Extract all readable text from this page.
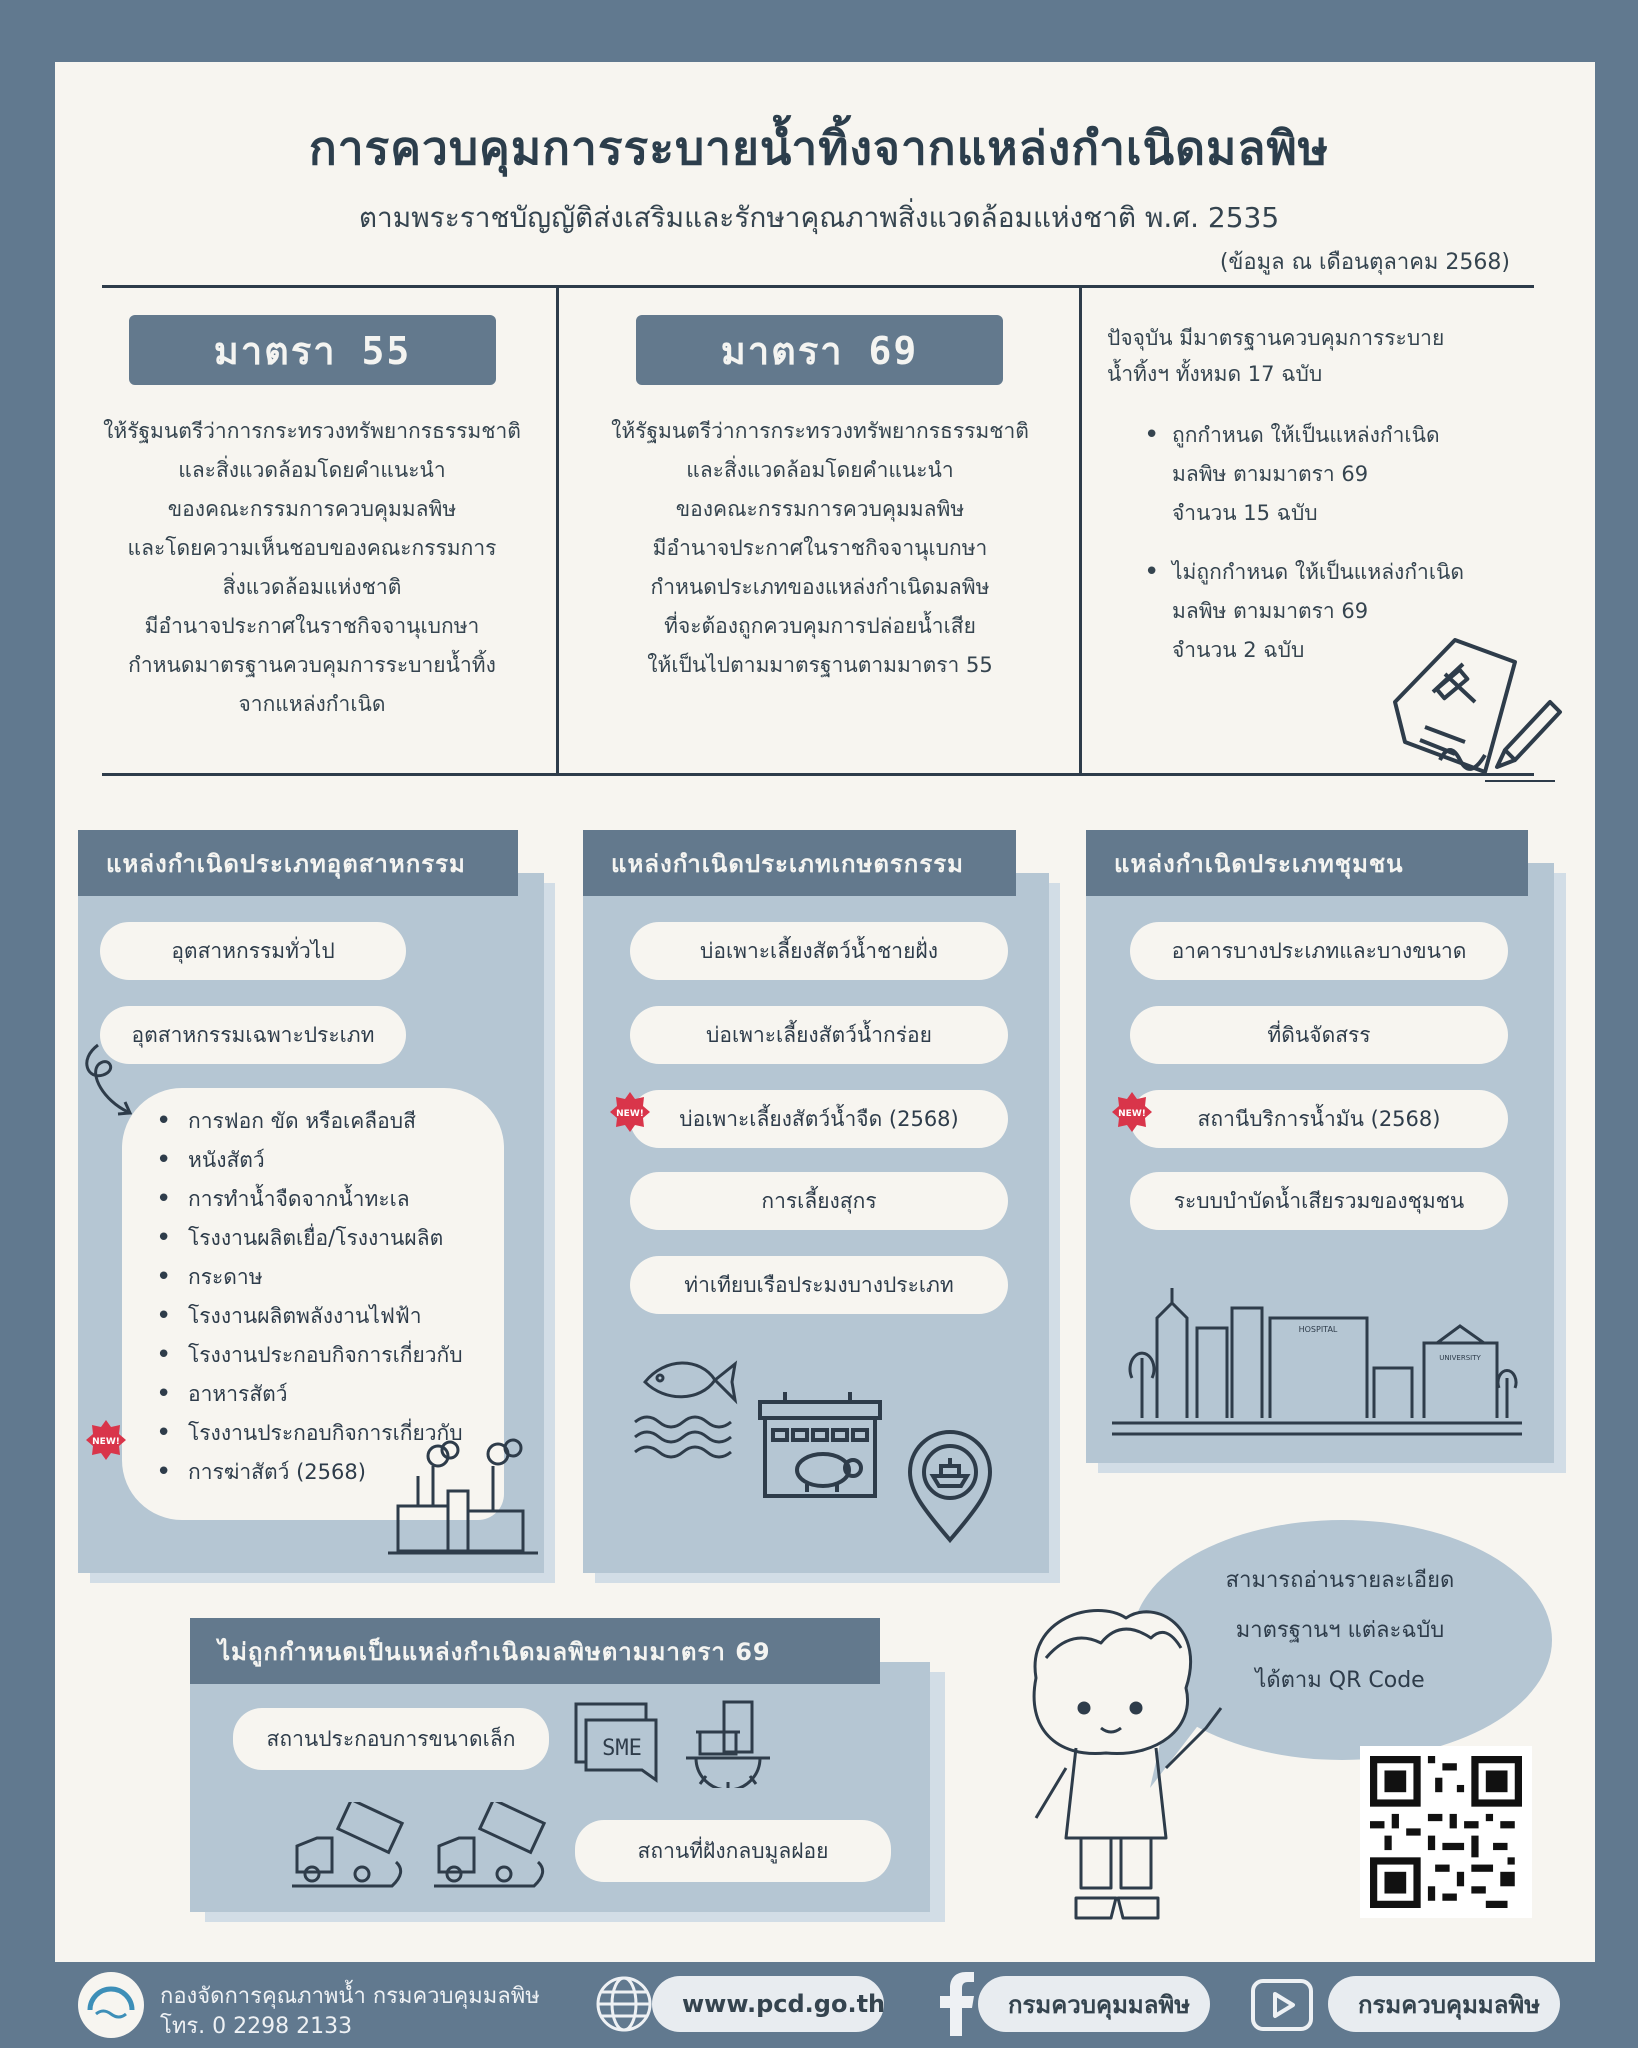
การควบคุมการระบายน้ำทิ้งจากแหล่งกำเนิดมลพิษ
ตามพระราชบัญญัติส่งเสริมและรักษาคุณภาพสิ่งแวดล้อมแห่งชาติ พ.ศ. 2535
(ข้อมูล ณ เดือนตุลาคม 2568)
มาตรา 55
ให้รัฐมนตรีว่าการกระทรวงทรัพยากรธรรมชาติ
และสิ่งแวดล้อมโดยคำแนะนำ
ของคณะกรรมการควบคุมมลพิษ
และโดยความเห็นชอบของคณะกรรมการ
สิ่งแวดล้อมแห่งชาติ
มีอำนาจประกาศในราชกิจจานุเบกษา
กำหนดมาตรฐานควบคุมการระบายน้ำทิ้ง
จากแหล่งกำเนิด
มาตรา 69
ให้รัฐมนตรีว่าการกระทรวงทรัพยากรธรรมชาติ
และสิ่งแวดล้อมโดยคำแนะนำ
ของคณะกรรมการควบคุมมลพิษ
มีอำนาจประกาศในราชกิจจานุเบกษา
กำหนดประเภทของแหล่งกำเนิดมลพิษ
ที่จะต้องถูกควบคุมการปล่อยน้ำเสีย
ให้เป็นไปตามมาตรฐานตามมาตรา 55
ปัจจุบัน มีมาตรฐานควบคุมการระบาย
น้ำทิ้งฯ ทั้งหมด 17 ฉบับ
• ถูกกำหนด ให้เป็นแหล่งกำเนิด
มลพิษ ตามมาตรา 69
จำนวน 15 ฉบับ
• ไม่ถูกกำหนด ให้เป็นแหล่งกำเนิด
มลพิษ ตามมาตรา 69
จำนวน 2 ฉบับ
แหล่งกำเนิดประเภทอุตสาหกรรม
อุตสาหกรรมทั่วไป
อุตสาหกรรมเฉพาะประเภท
• การฟอก ขัด หรือเคลือบสี
• หนังสัตว์
• การทำน้ำจืดจากน้ำทะเล
• โรงงานผลิตเยื่อ/โรงงานผลิต
• กระดาษ
• โรงงานผลิตพลังงานไฟฟ้า
• โรงงานประกอบกิจการเกี่ยวกับ
• อาหารสัตว์
• โรงงานประกอบกิจการเกี่ยวกับ
• การฆ่าสัตว์ (2568)
NEW!
แหล่งกำเนิดประเภทเกษตรกรรม
บ่อเพาะเลี้ยงสัตว์น้ำชายฝั่ง
บ่อเพาะเลี้ยงสัตว์น้ำกร่อย
บ่อเพาะเลี้ยงสัตว์น้ำจืด (2568)
การเลี้ยงสุกร
ท่าเทียบเรือประมงบางประเภท
NEW!
แหล่งกำเนิดประเภทชุมชน
อาคารบางประเภทและบางขนาด
ที่ดินจัดสรร
สถานีบริการน้ำมัน (2568)
ระบบบำบัดน้ำเสียรวมของชุมชน
NEW!
HOSPITAL
UNIVERSITY
ไม่ถูกกำหนดเป็นแหล่งกำเนิดมลพิษตามมาตรา 69
สถานประกอบการขนาดเล็ก
สถานที่ฝังกลบมูลฝอย
SME
สามารถอ่านรายละเอียด
มาตรฐานฯ แต่ละฉบับ
ได้ตาม QR Code
กองจัดการคุณภาพน้ำ กรมควบคุมมลพิษ
โทร. 0 2298 2133
www.pcd.go.th	กรมควบคุมมลพิษ	กรมควบคุมมลพิษ
